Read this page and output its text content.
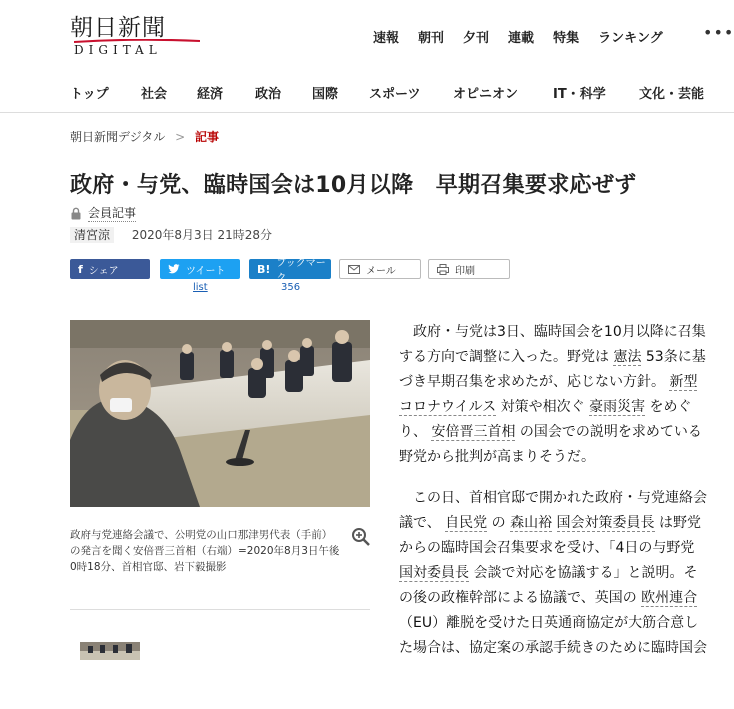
朝日新聞
DIGITAL
速報 朝刊 夕刊 連載 特集 ランキング	•••
トップ 社会 経済 政治 国際 スポーツ	オピニオン	IT・科学	文化・芸能
朝日新聞デジタル > 記事
政府・与党、臨時国会は10月以降　早期召集要求応ぜず
会員記事
清宮涼 2020年8月3日 21時28分
f シェア	ツイート	B! ブックマーク
メール	印刷
list	356

政府与党連絡会議で、公明党の山口那津男代表（手前）の発言を聞く安倍晋三首相（右端）=2020年8月3日午後0時18分、首相官邸、岩下毅撮影

政府・与党は3日、臨時国会を10月以降に召集する方向で調整に入った。野党は 憲法 53条に基づき早期召集を求めたが、応じない方針。 新型コロナウイルス 対策や相次ぐ 豪雨災害 をめぐり、 安倍晋三首相 の国会での説明を求めている野党から批判が高まりそうだ。

この日、首相官邸で開かれた政府・与党連絡会議で、 自民党 の 森山裕 国会対策委員長 は野党からの臨時国会召集要求を受け、「4日の与野党 国対委員長 会談で対応を協議する」と説明。その後の政権幹部による協議で、英国の 欧州連合 （EU）離脱を受けた日英通商協定が大筋合意した場合は、協定案の承認手続きのために臨時国会
